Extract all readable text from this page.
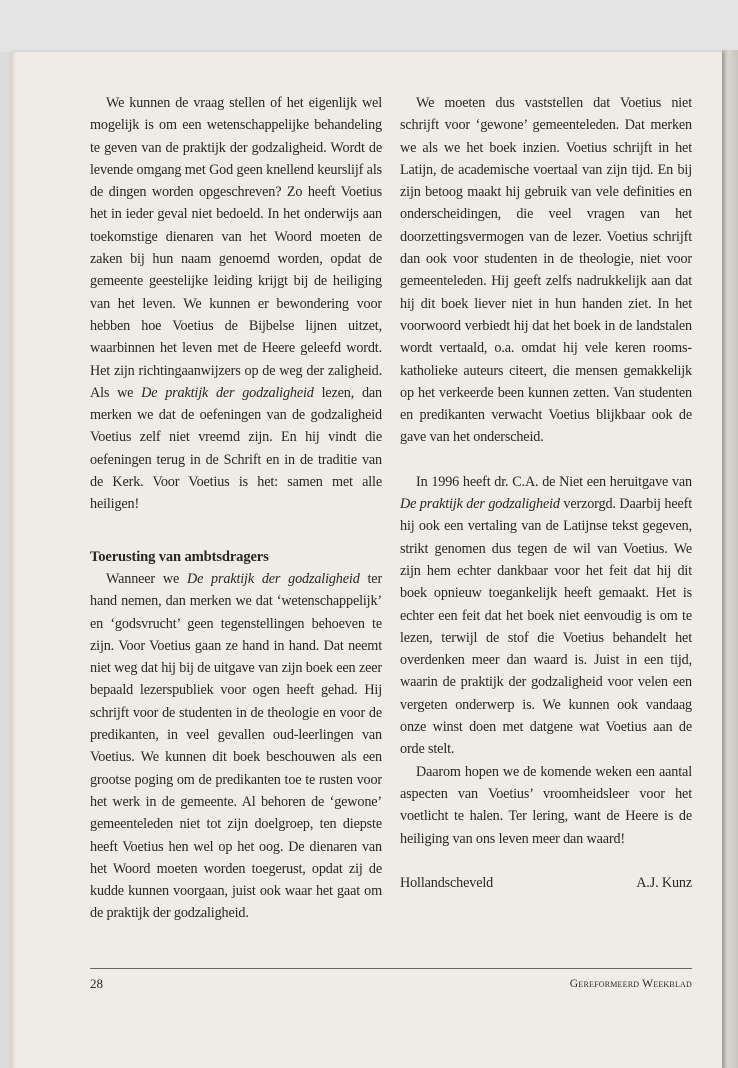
We kunnen de vraag stellen of het eigenlijk wel mogelijk is om een wetenschappelijke behandeling te geven van de praktijk der godzaligheid. Wordt de levende omgang met God geen knellend keurslijf als de dingen worden opgeschreven? Zo heeft Voetius het in ieder geval niet bedoeld. In het onderwijs aan toekomstige dienaren van het Woord moeten de zaken bij hun naam genoemd worden, opdat de gemeente geestelijke leiding krijgt bij de heiliging van het leven. We kunnen er bewondering voor hebben hoe Voetius de Bijbelse lijnen uitzet, waarbinnen het leven met de Heere geleefd wordt. Het zijn richtingaanwijzers op de weg der zaligheid. Als we De praktijk der godzaligheid lezen, dan merken we dat de oefeningen van de godzaligheid Voetius zelf niet vreemd zijn. En hij vindt die oefeningen terug in de Schrift en in de traditie van de Kerk. Voor Voetius is het: samen met alle heiligen!

Toerusting van ambtsdragers

Wanneer we De praktijk der godzaligheid ter hand nemen, dan merken we dat ‘wetenschappelijk’ en ‘godsvrucht’ geen tegenstellingen behoeven te zijn. Voor Voetius gaan ze hand in hand. Dat neemt niet weg dat hij bij de uitgave van zijn boek een zeer bepaald lezerspubliek voor ogen heeft gehad. Hij schrijft voor de studenten in de theologie en voor de predikanten, in veel gevallen oud-leerlingen van Voetius. We kunnen dit boek beschouwen als een grootse poging om de predikanten toe te rusten voor het werk in de gemeente. Al behoren de ‘gewone’ gemeenteleden niet tot zijn doelgroep, ten diepste heeft Voetius hen wel op het oog. De dienaren van het Woord moeten worden toegerust, opdat zij de kudde kunnen voorgaan, juist ook waar het gaat om de praktijk der godzaligheid.

We moeten dus vaststellen dat Voetius niet schrijft voor ‘gewone’ gemeenteleden. Dat merken we als we het boek inzien. Voetius schrijft in het Latijn, de academische voertaal van zijn tijd. En bij zijn betoog maakt hij gebruik van vele definities en onderscheidingen, die veel vragen van het doorzettingsvermogen van de lezer. Voetius schrijft dan ook voor studenten in de theologie, niet voor gemeenteleden. Hij geeft zelfs nadrukkelijk aan dat hij dit boek liever niet in hun handen ziet. In het voorwoord verbiedt hij dat het boek in de landstalen wordt vertaald, o.a. omdat hij vele keren rooms-katholieke auteurs citeert, die mensen gemakkelijk op het verkeerde been kunnen zetten. Van studenten en predikanten verwacht Voetius blijkbaar ook de gave van het onderscheid.

In 1996 heeft dr. C.A. de Niet een heruitgave van De praktijk der godzaligheid verzorgd. Daarbij heeft hij ook een vertaling van de Latijnse tekst gegeven, strikt genomen dus tegen de wil van Voetius. We zijn hem echter dankbaar voor het feit dat hij dit boek opnieuw toegankelijk heeft gemaakt. Het is echter een feit dat het boek niet eenvoudig is om te lezen, terwijl de stof die Voetius behandelt het overdenken meer dan waard is. Juist in een tijd, waarin de praktijk der godzaligheid voor velen een vergeten onderwerp is. We kunnen ook vandaag onze winst doen met datgene wat Voetius aan de orde stelt.

Daarom hopen we de komende weken een aantal aspecten van Voetius’ vroomheidsleer voor het voetlicht te halen. Ter lering, want de Heere is de heiliging van ons leven meer dan waard!

Hollandscheveld	A.J. Kunz
28	Gereformeerd Weekblad
